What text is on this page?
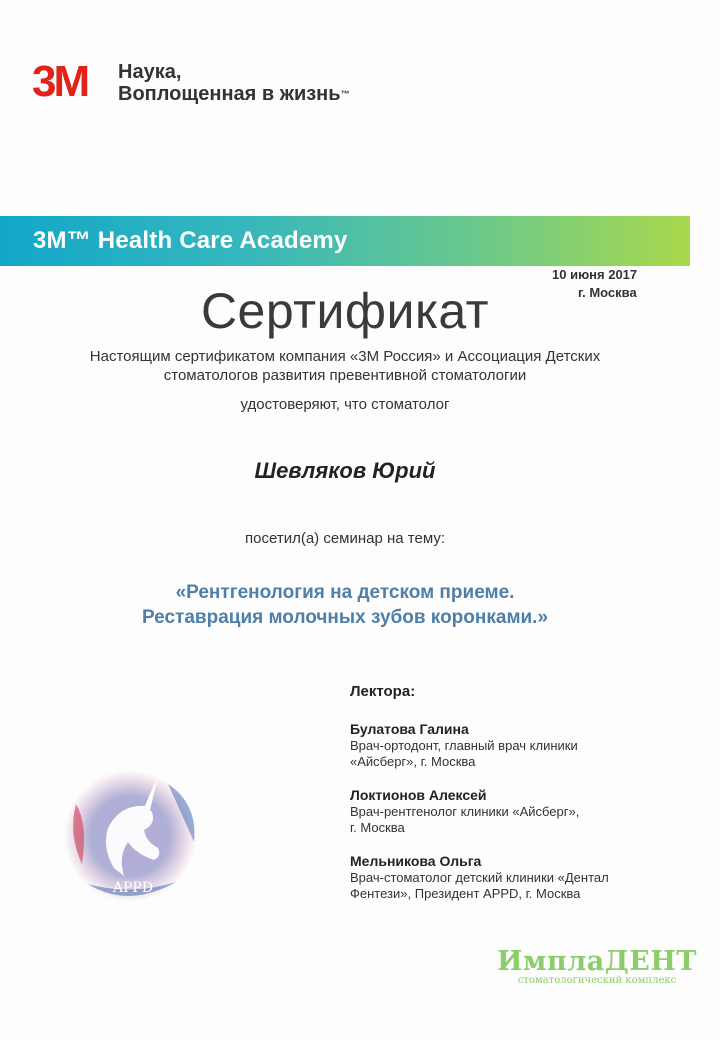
3M Наука,
Воплощенная в жизнь™
3M™ Health Care Academy
10 июня 2017
г. Москва
Сертификат
Настоящим сертификатом компания «3M Россия» и Ассоциация Детских
стоматологов развития превентивной стоматологии
удостоверяют, что стоматолог
Шевляков Юрий
посетил(а) семинар на тему:
«Рентгенология на детском приеме.
Реставрация молочных зубов коронками.»
Лектора:
Булатова Галина
Врач-ортодонт, главный врач клиники
«Айсберг», г. Москва
Локтионов Алексей
Врач-рентгенолог клиники «Айсберг»,
г. Москва
Мельникова Ольга
Врач-стоматолог детский клиники «Дентал
Фентези», Президент APPD, г. Москва
APPD
ИмплаДЕНТ
стоматологический комплекс
